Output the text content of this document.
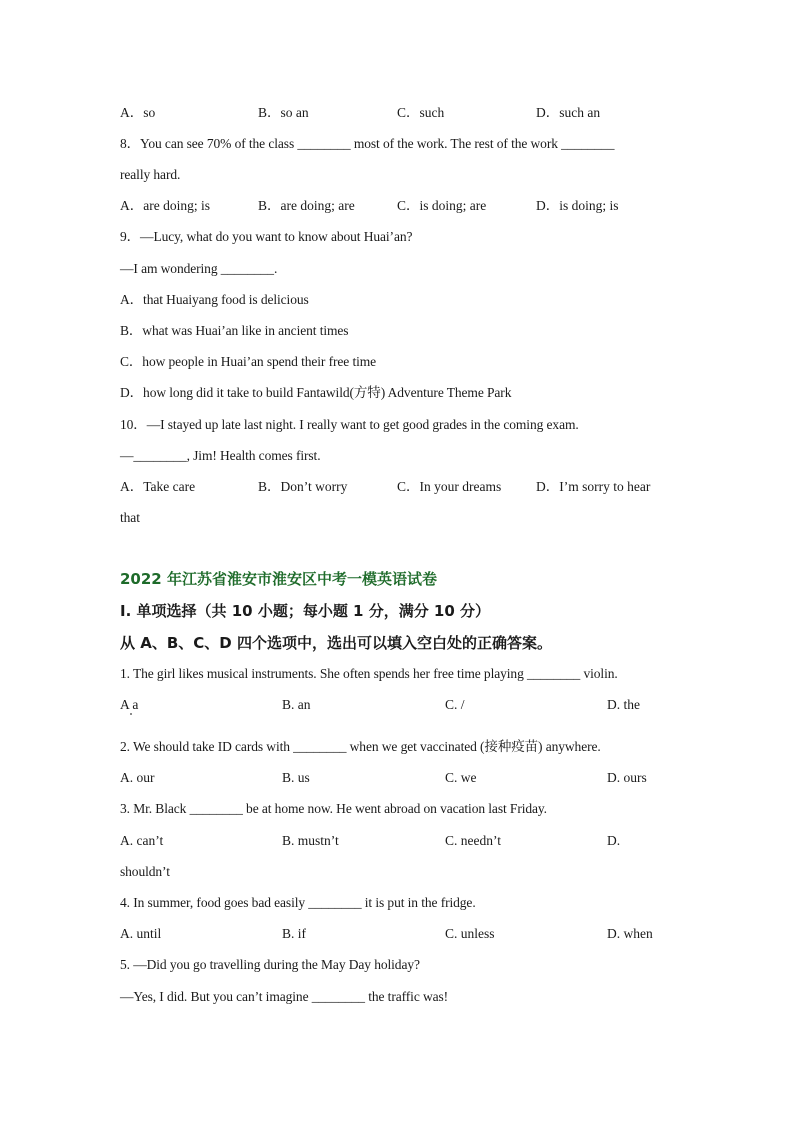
A．so	B．so an	C．such	D．such an
8．You can see 70% of the class ________ most of the work. The rest of the work ________
really hard.
A．are doing; is	B．are doing; are	C．is doing; are	D．is doing; is
9．—Lucy, what do you want to know about Huai’an?
—I am wondering ________.
A．that Huaiyang food is delicious
B．what was Huai’an like in ancient times
C．how people in Huai’an spend their free time
D．how long did it take to build Fantawild(方特) Adventure Theme Park
10．—I stayed up late last night. I really want to get good grades in the coming exam.
—________, Jim! Health comes first.
A．Take care	B．Don’t worry	C．In your dreams	D．I’m sorry to hear
that
2022 年江苏省淮安市淮安区中考一模英语试卷
Ⅰ. 单项选择（共 10 小题；每小题 1 分，满分 10 分）
从 A、B、C、D 四个选项中，选出可以填入空白处的正确答案。
1. The girl likes musical instruments. She often spends her free time playing ________ violin.
A a	B. an	C. /	D. the
2. We should take ID cards with ________ when we get vaccinated (接种疫苗) anywhere.
A. our	B. us	C. we	D. ours
3. Mr. Black ________ be at home now. He went abroad on vacation last Friday.
A. can’t	B. mustn’t	C. needn’t	D.
shouldn’t
4. In summer, food goes bad easily ________ it is put in the fridge.
A. until	B. if	C. unless	D. when
5. —Did you go travelling during the May Day holiday?
—Yes, I did. But you can’t imagine ________ the traffic was!
